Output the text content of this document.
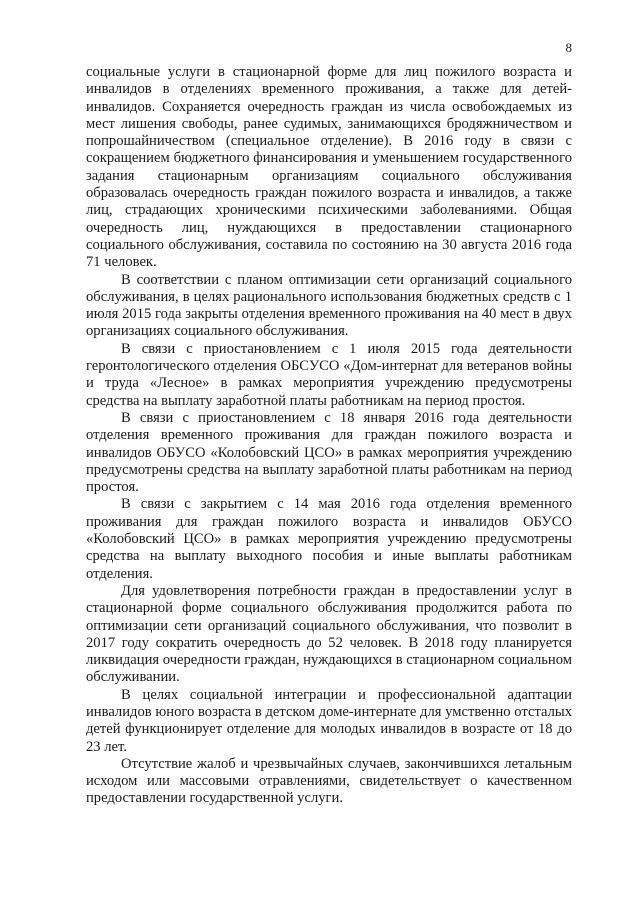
8

социальные услуги в стационарной форме для лиц пожилого возраста и инвалидов в отделениях временного проживания, а также для детей-инвалидов. Сохраняется очередность граждан из числа освобождаемых из мест лишения свободы, ранее судимых, занимающихся бродяжничеством и попрошайничеством (специальное отделение). В 2016 году в связи с сокращением бюджетного финансирования и уменьшением государственного задания стационарным организациям социального обслуживания образовалась очередность граждан пожилого возраста и инвалидов, а также лиц, страдающих хроническими психическими заболеваниями. Общая очередность лиц, нуждающихся в предоставлении стационарного социального обслуживания, составила по состоянию на 30 августа 2016 года 71 человек.

В соответствии с планом оптимизации сети организаций социального обслуживания, в целях рационального использования бюджетных средств с 1 июля 2015 года закрыты отделения временного проживания на 40 мест в двух организациях социального обслуживания.

В связи с приостановлением с 1 июля 2015 года деятельности геронтологического отделения ОБСУСО «Дом-интернат для ветеранов войны и труда «Лесное» в рамках мероприятия учреждению предусмотрены средства на выплату заработной платы работникам на период простоя.

В связи с приостановлением с 18 января 2016 года деятельности отделения временного проживания для граждан пожилого возраста и инвалидов ОБУСО «Колобовский ЦСО» в рамках мероприятия учреждению предусмотрены средства на выплату заработной платы работникам на период простоя.

В связи с закрытием с 14 мая 2016 года отделения временного проживания для граждан пожилого возраста и инвалидов ОБУСО «Колобовский ЦСО» в рамках мероприятия учреждению предусмотрены средства на выплату выходного пособия и иные выплаты работникам отделения.

Для удовлетворения потребности граждан в предоставлении услуг в стационарной форме социального обслуживания продолжится работа по оптимизации сети организаций социального обслуживания, что позволит в 2017 году сократить очередность до 52 человек. В 2018 году планируется ликвидация очередности граждан, нуждающихся в стационарном социальном обслуживании.

В целях социальной интеграции и профессиональной адаптации инвалидов юного возраста в детском доме-интернате для умственно отсталых детей функционирует отделение для молодых инвалидов в возрасте от 18 до 23 лет.

Отсутствие жалоб и чрезвычайных случаев, закончившихся летальным исходом или массовыми отравлениями, свидетельствует о качественном предоставлении государственной услуги.
